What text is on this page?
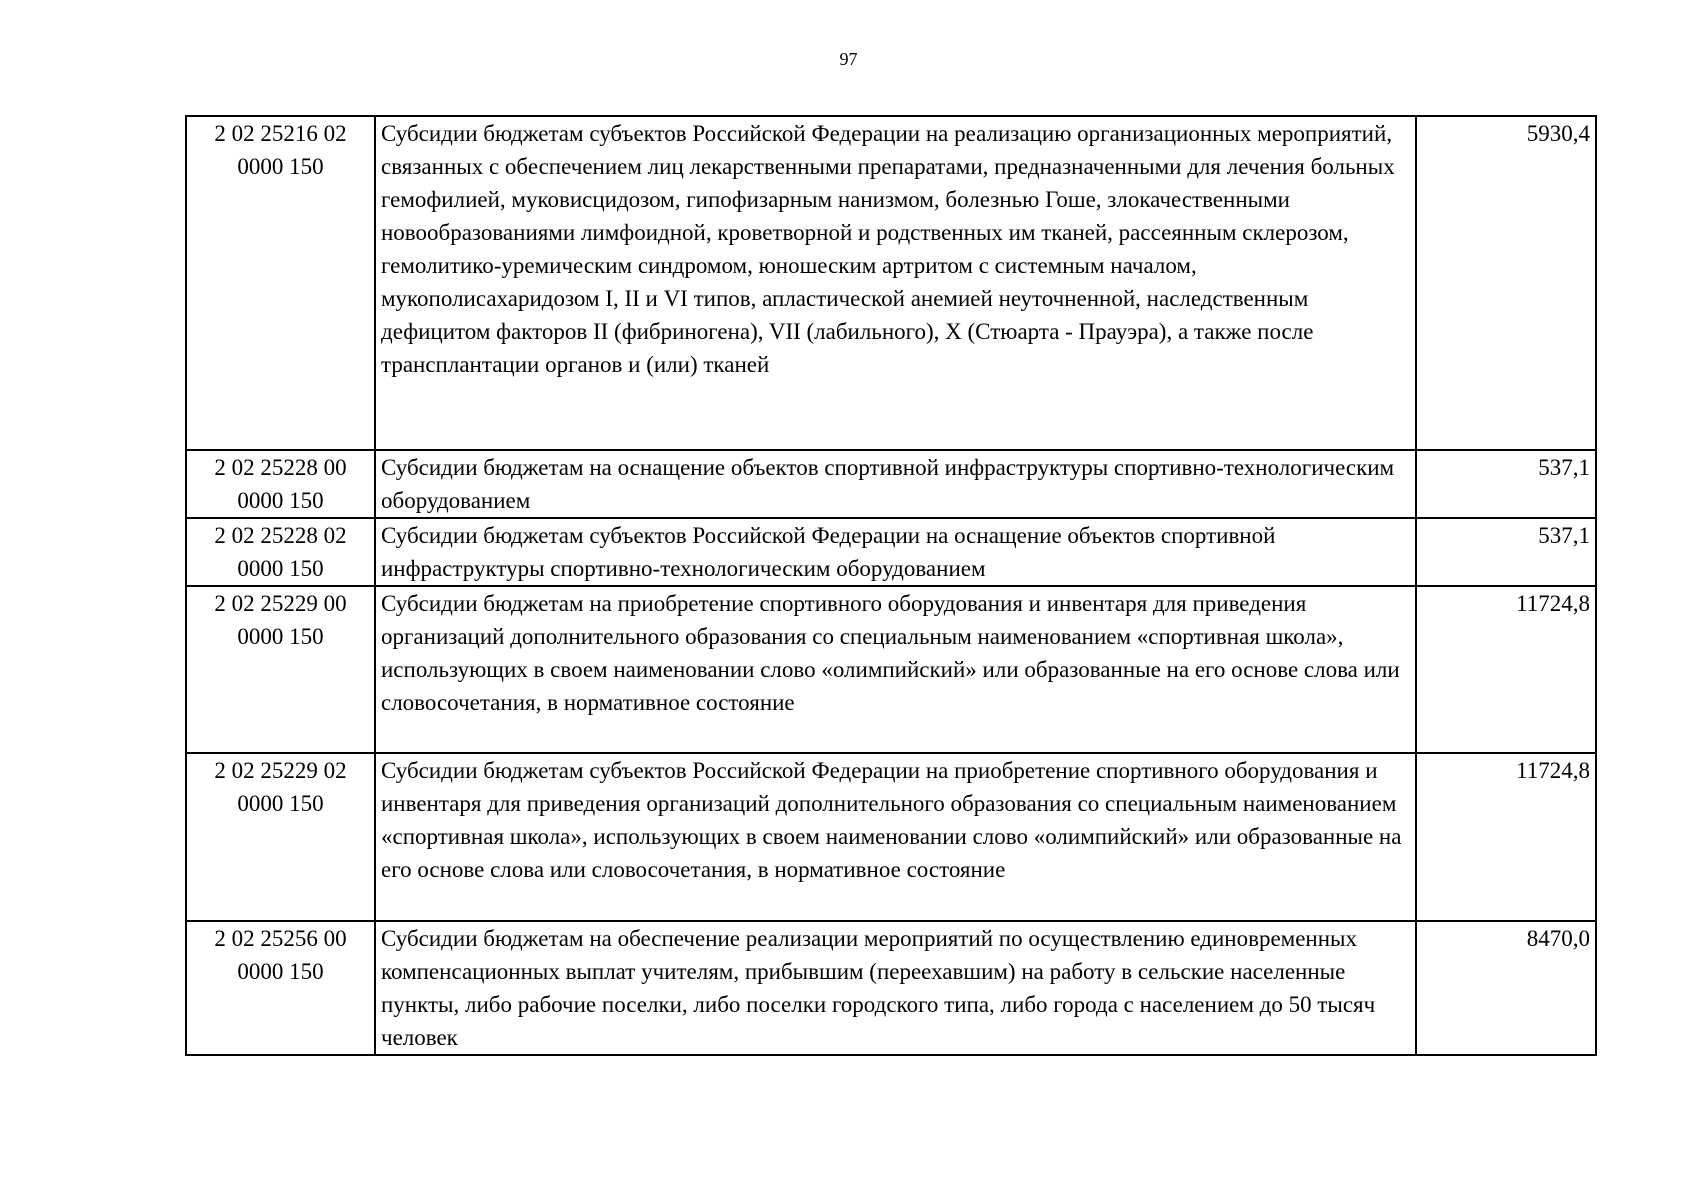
97
2 02 25216 02 0000 150	Субсидии бюджетам субъектов Российской Федерации на реализацию организационных мероприятий, связанных с обеспечением лиц лекарственными препаратами, предназначенными для лечения больных гемофилией, муковисцидозом, гипофизарным нанизмом, болезнью Гоше, злокачественными новообразованиями лимфоидной, кроветворной и родственных им тканей, рассеянным склерозом, гемолитико-уремическим синдромом, юношеским артритом с системным началом, мукополисахаридозом I, II и VI типов, апластической анемией неуточненной, наследственным дефицитом факторов II (фибриногена), VII (лабильного), X (Стюарта - Прауэра), а также после трансплантации органов и (или) тканей	5930,4
2 02 25228 00 0000 150	Субсидии бюджетам на оснащение объектов спортивной инфраструктуры спортивно-технологическим оборудованием	537,1
2 02 25228 02 0000 150	Субсидии бюджетам субъектов Российской Федерации на оснащение объектов спортивной инфраструктуры спортивно-технологическим оборудованием	537,1
2 02 25229 00 0000 150	Субсидии бюджетам на приобретение спортивного оборудования и инвентаря для приведения организаций дополнительного образования со специальным наименованием «спортивная школа», использующих в своем наименовании слово «олимпийский» или образованные на его основе слова или словосочетания, в нормативное состояние	11724,8
2 02 25229 02 0000 150	Субсидии бюджетам субъектов Российской Федерации на приобретение спортивного оборудования и инвентаря для приведения организаций дополнительного образования со специальным наименованием «спортивная школа», использующих в своем наименовании слово «олимпийский» или образованные на его основе слова или словосочетания, в нормативное состояние	11724,8
2 02 25256 00 0000 150	Субсидии бюджетам на обеспечение реализации мероприятий по осуществлению единовременных компенсационных выплат учителям, прибывшим (переехавшим) на работу в сельские населенные пункты, либо рабочие поселки, либо поселки городского типа, либо города с населением до 50 тысяч человек	8470,0
